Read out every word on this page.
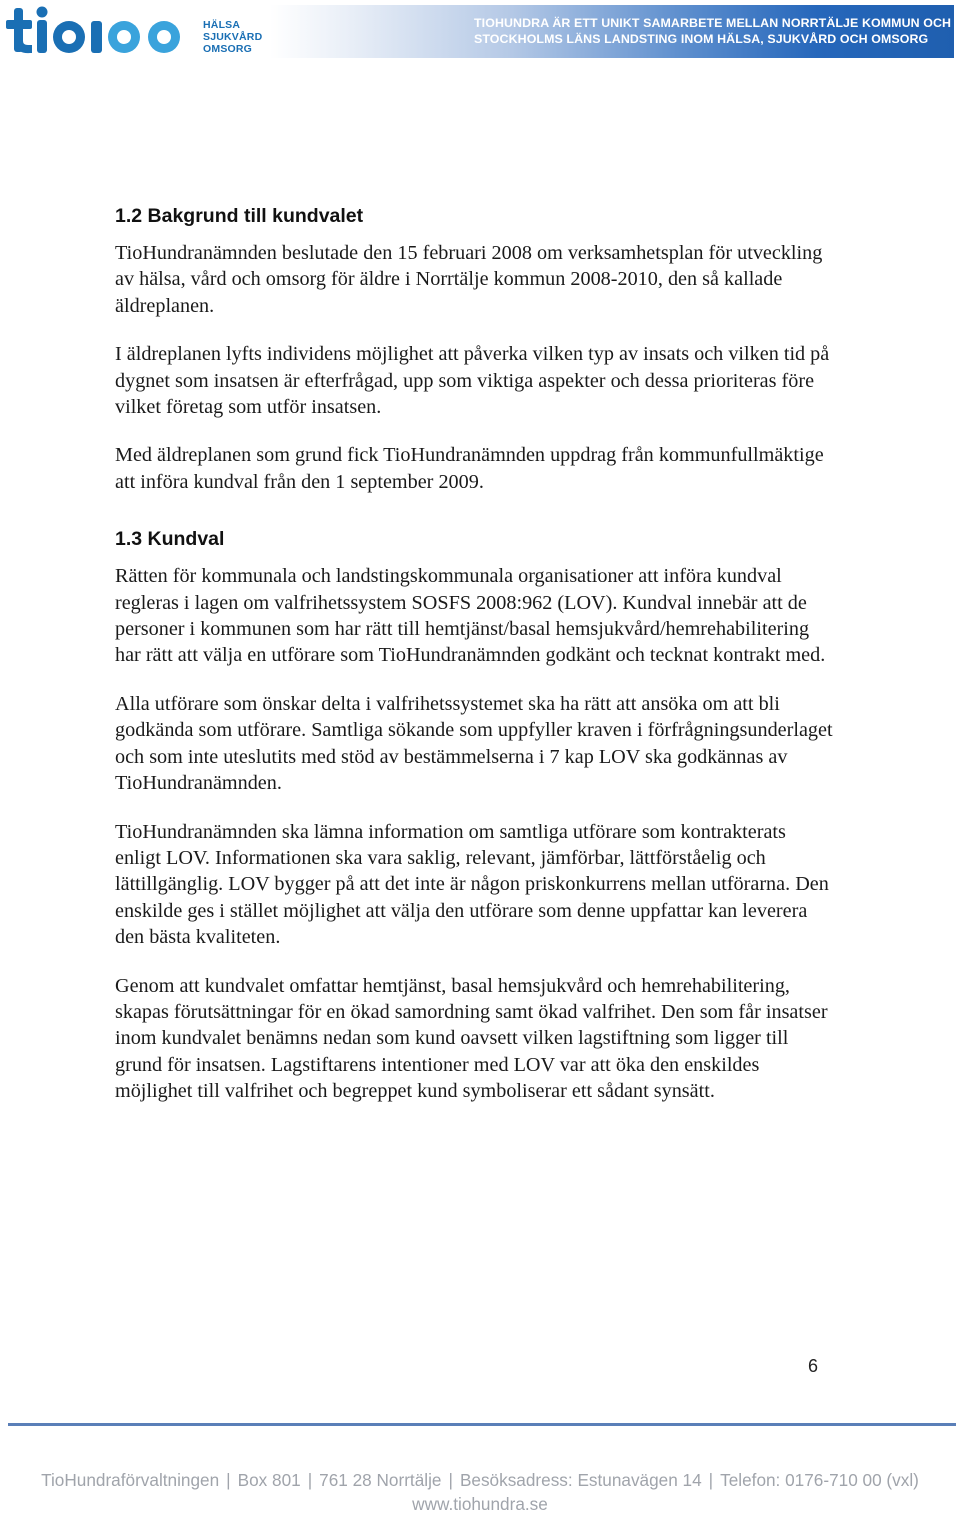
HÄLSA
SJUKVÅRD
OMSORG
TIOHUNDRA ÄR ETT UNIKT SAMARBETE MELLAN NORRTÄLJE KOMMUN OCH
STOCKHOLMS LÄNS LANDSTING INOM HÄLSA, SJUKVÅRD OCH OMSORG
1.2 Bakgrund till kundvalet

TioHundranämnden beslutade den 15 februari 2008 om verksamhetsplan för utveckling av hälsa, vård och omsorg för äldre i Norrtälje kommun 2008-2010, den så kallade äldreplanen.

I äldreplanen lyfts individens möjlighet att påverka vilken typ av insats och vilken tid på dygnet som insatsen är efterfrågad, upp som viktiga aspekter och dessa prioriteras före vilket företag som utför insatsen.

Med äldreplanen som grund fick TioHundranämnden uppdrag från kommunfullmäktige att införa kundval från den 1 september 2009.

1.3 Kundval

Rätten för kommunala och landstingskommunala organisationer att införa kundval regleras i lagen om valfrihetssystem SOSFS 2008:962 (LOV). Kundval innebär att de personer i kommunen som har rätt till hemtjänst/basal hemsjukvård/hemrehabilitering har rätt att välja en utförare som TioHundranämnden godkänt och tecknat kontrakt med.

Alla utförare som önskar delta i valfrihetssystemet ska ha rätt att ansöka om att bli godkända som utförare. Samtliga sökande som uppfyller kraven i förfrågningsunderlaget och som inte uteslutits med stöd av bestämmelserna i 7 kap LOV ska godkännas av TioHundranämnden.

TioHundranämnden ska lämna information om samtliga utförare som kontrakterats enligt LOV. Informationen ska vara saklig, relevant, jämförbar, lättförståelig och lättillgänglig. LOV bygger på att det inte är någon priskonkurrens mellan utförarna. Den enskilde ges i stället möjlighet att välja den utförare som denne uppfattar kan leverera den bästa kvaliteten.

Genom att kundvalet omfattar hemtjänst, basal hemsjukvård och hemrehabilitering, skapas förutsättningar för en ökad samordning samt ökad valfrihet. Den som får insatser inom kundvalet benämns nedan som kund oavsett vilken lagstiftning som ligger till grund för insatsen. Lagstiftarens intentioner med LOV var att öka den enskildes möjlighet till valfrihet och begreppet kund symboliserar ett sådant synsätt.

6
TioHundraförvaltningen | Box 801 | 761 28 Norrtälje | Besöksadress: Estunavägen 14 | Telefon: 0176-710 00 (vxl)
www.tiohundra.se
